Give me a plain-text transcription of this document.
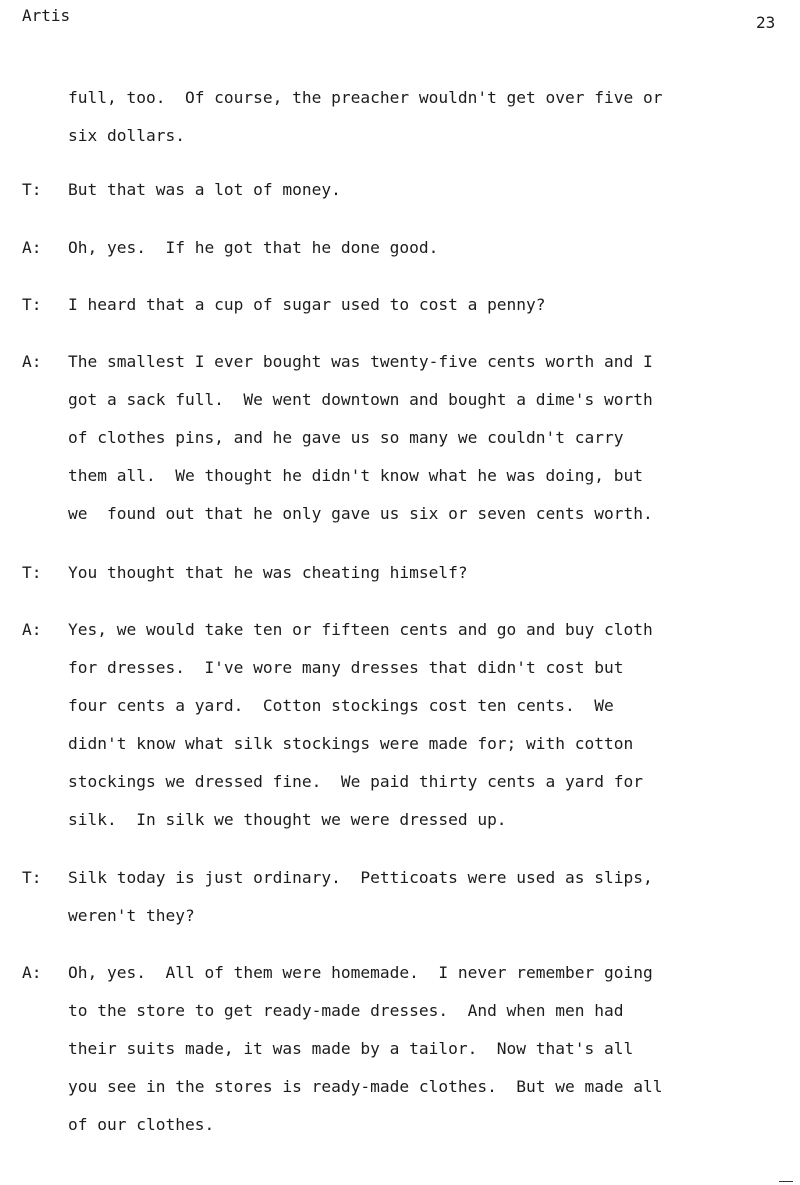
Artis	23
full, too.  Of course, the preacher wouldn't get over five or
six dollars.
T: But that was a lot of money.
A: Oh, yes.  If he got that he done good.
T: I heard that a cup of sugar used to cost a penny?
A: The smallest I ever bought was twenty-five cents worth and I
got a sack full.  We went downtown and bought a dime's worth
of clothes pins, and he gave us so many we couldn't carry
them all.  We thought he didn't know what he was doing, but
we  found out that he only gave us six or seven cents worth.
T: You thought that he was cheating himself?
A: Yes, we would take ten or fifteen cents and go and buy cloth
for dresses.  I've wore many dresses that didn't cost but
four cents a yard.  Cotton stockings cost ten cents.  We
didn't know what silk stockings were made for; with cotton
stockings we dressed fine.  We paid thirty cents a yard for
silk.  In silk we thought we were dressed up.
T: Silk today is just ordinary.  Petticoats were used as slips,
weren't they?
A: Oh, yes.  All of them were homemade.  I never remember going
to the store to get ready-made dresses.  And when men had
their suits made, it was made by a tailor.  Now that's all
you see in the stores is ready-made clothes.  But we made all
of our clothes.
